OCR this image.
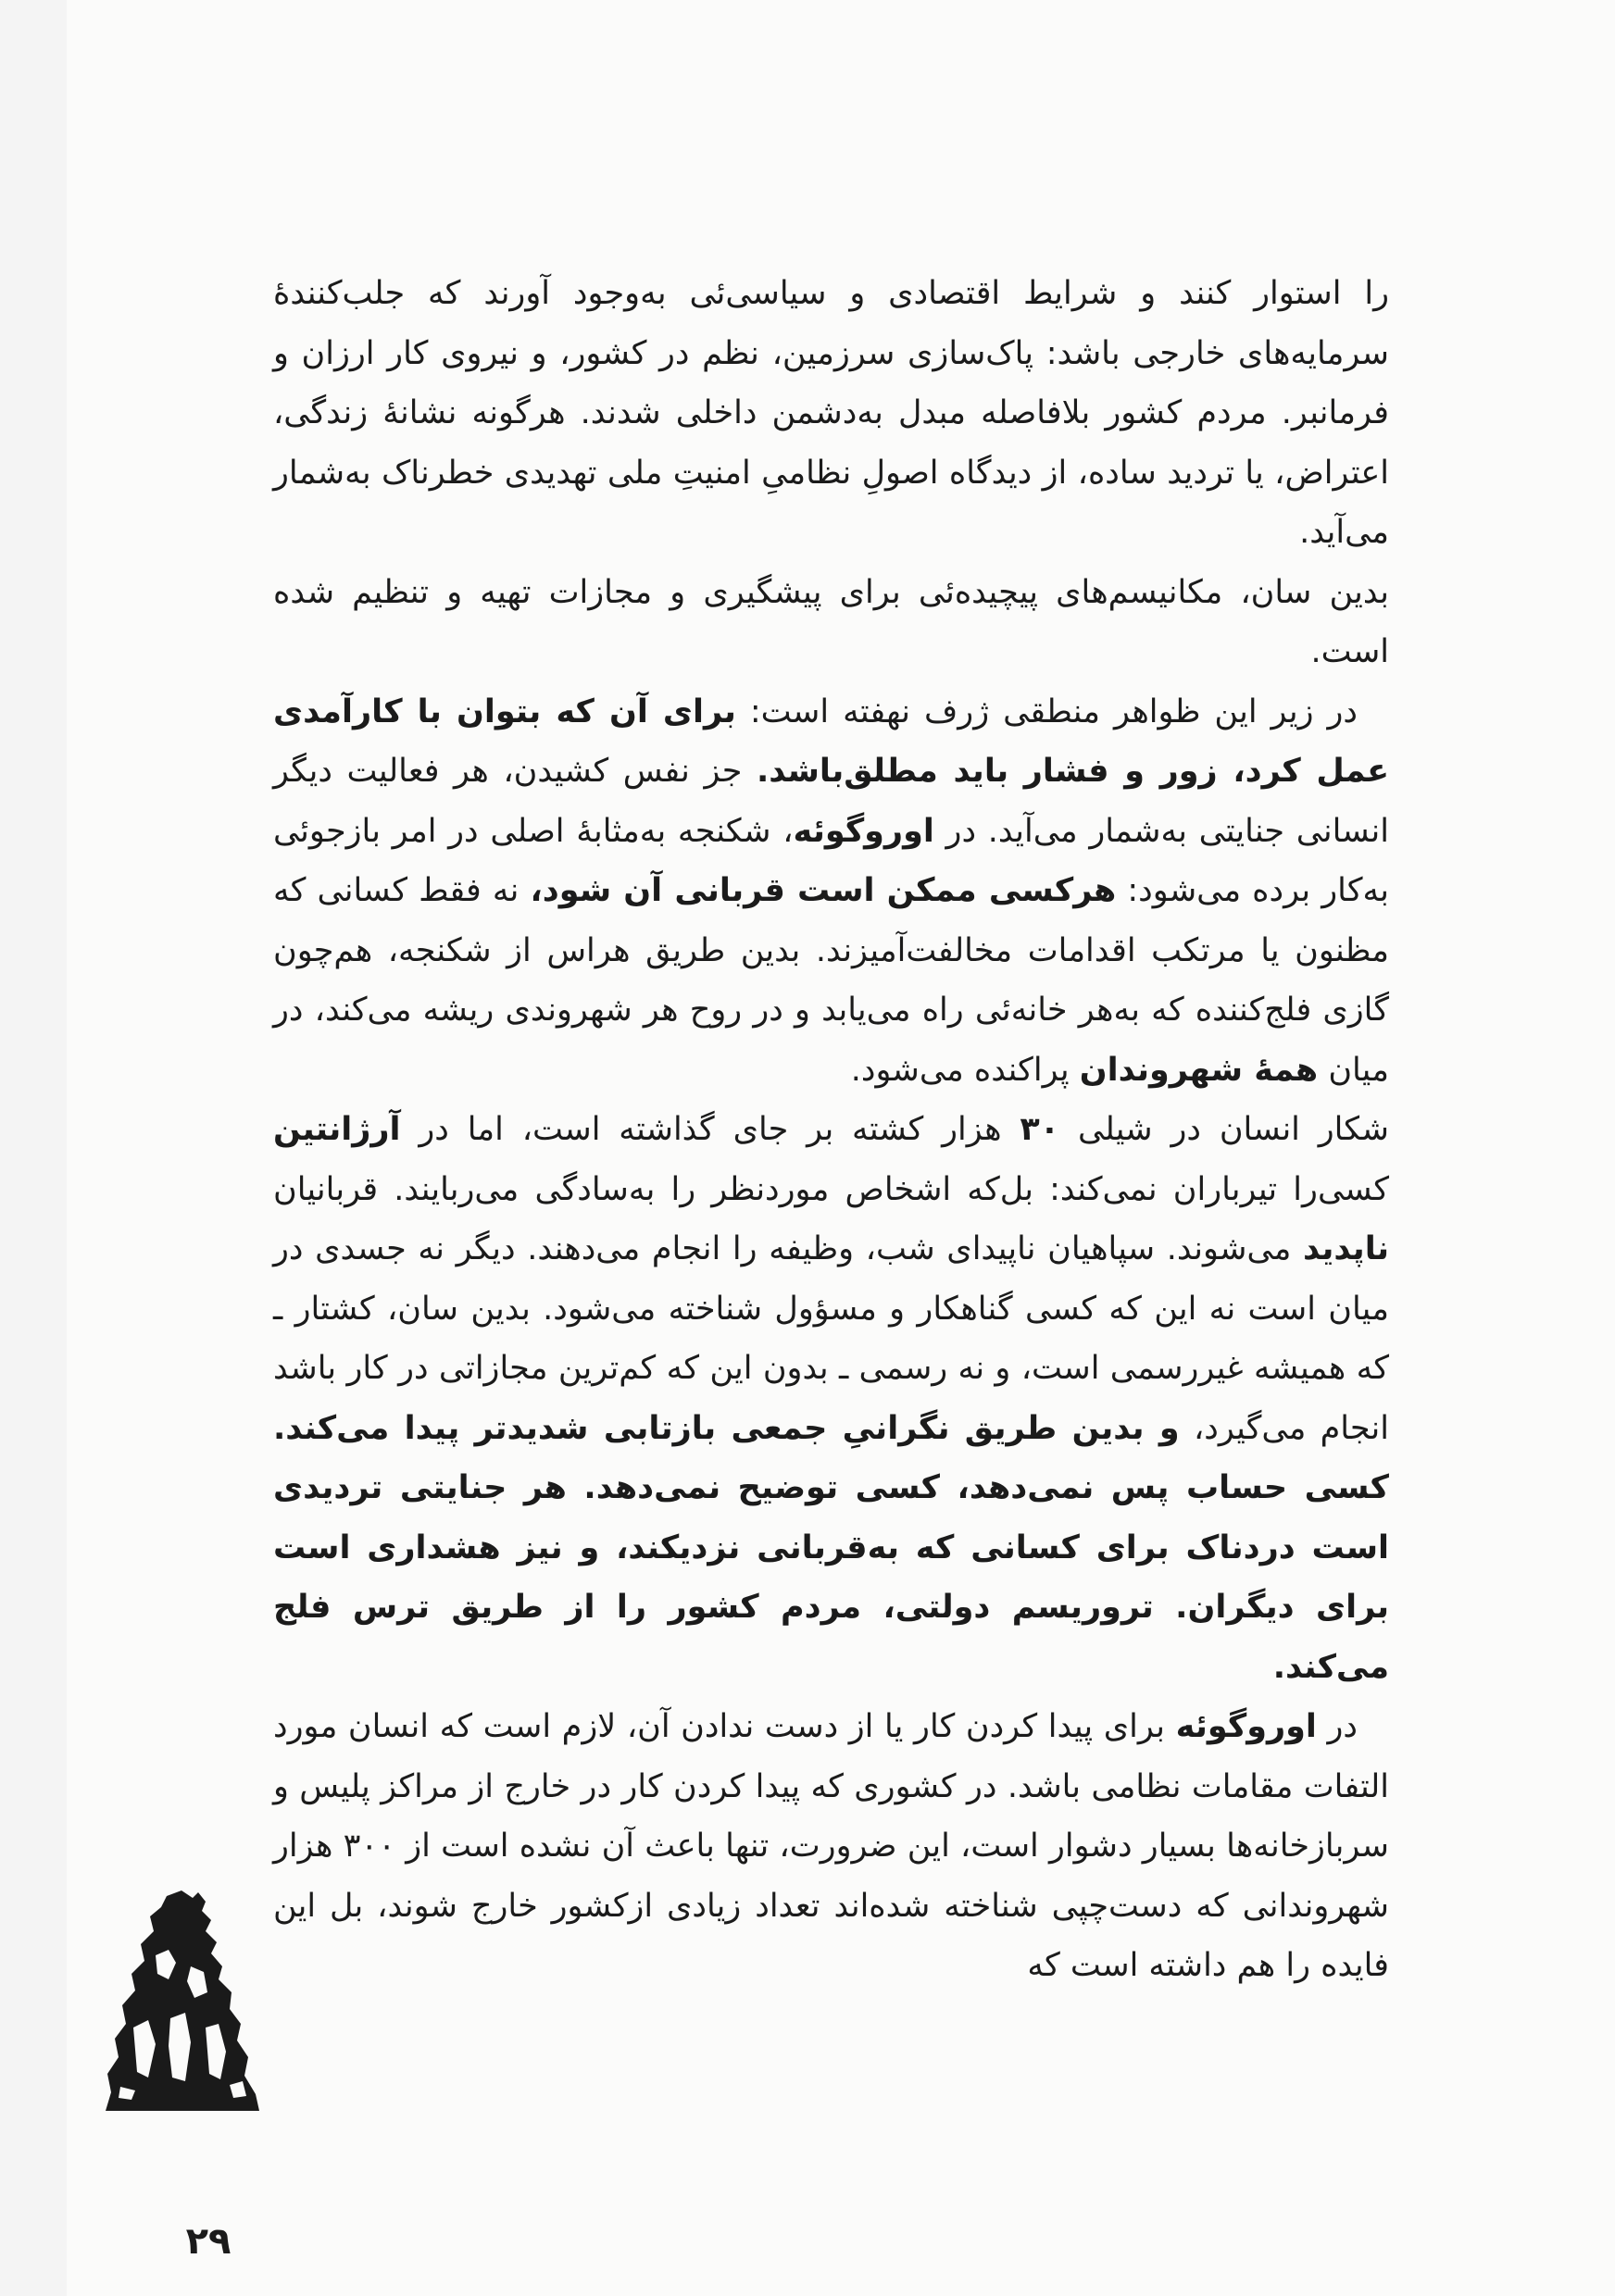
را استوار کنند و شرایط اقتصادی و سیاسی‌ئی به‌وجود آورند که جلب‌کنندهٔ سرمایه‌های خارجی باشد: پاک‌سازی سرزمین، نظم در کشور، و نیروی کار ارزان و فرمانبر. مردم کشور بلافاصله مبدل به‌دشمن داخلی شدند. هرگونه نشانهٔ زندگی، اعتراض، یا تردید ساده، از دیدگاه اصولِ نظامیِ امنیتِ ملی تهدیدی خطرناک به‌شمار می‌آید.

بدین سان، مکانیسم‌های پیچیده‌ئی برای پیشگیری و مجازات تهیه و تنظیم شده است.

در زیر این ظواهر منطقی ژرف نهفته است: برای آن که بتوان با کارآمدی عمل کرد، زور و فشار باید مطلق‌باشد. جز نفس کشیدن، هر فعالیت دیگر انسانی جنایتی به‌شمار می‌آید. در اوروگوئه، شکنجه به‌مثابهٔ اصلی در امر بازجوئی به‌کار برده می‌شود: هرکسی ممکن است قربانی آن شود، نه فقط کسانی که مظنون یا مرتکب اقدامات مخالفت‌آمیزند. بدین طریق هراس از شکنجه، هم‌چون گازی فلج‌کننده که به‌هر خانه‌ئی راه می‌یابد و در روح هر شهروندی ریشه می‌کند، در میان همهٔ شهروندان پراکنده می‌شود.

شکار انسان در شیلی ۳۰ هزار کشته بر جای گذاشته است، اما در آرژانتین کسی‌را تیرباران نمی‌کند: بل‌که اشخاص موردنظر را به‌سادگی می‌ربایند. قربانیان ناپدید می‌شوند. سپاهیان ناپیدای شب، وظیفه را انجام می‌دهند. دیگر نه جسدی در میان است نه این که کسی گناهکار و مسؤول شناخته می‌شود. بدین سان، کشتار ـ که همیشه غیررسمی است، و نه رسمی ـ بدون این که کم‌ترین مجازاتی در کار باشد انجام می‌گیرد، و بدین طریق نگرانیِ جمعی بازتابی شدیدتر پیدا می‌کند. کسی حساب پس نمی‌دهد، کسی توضیح نمی‌دهد. هر جنایتی تردیدی است دردناک برای کسانی که به‌قربانی نزدیکند، و نیز هشداری است برای دیگران. تروریسم دولتی، مردم کشور را از طریق ترس فلج می‌کند.

در اوروگوئه برای پیدا کردن کار یا از دست ندادن آن، لازم است که انسان مورد التفات مقامات نظامی باشد. در کشوری که پیدا کردن کار در خارج از مراکز پلیس و سربازخانه‌ها بسیار دشوار است، این ضرورت، تنها باعث آن نشده است از ۳۰۰ هزار شهروندانی که دست‌چپی شناخته شده‌اند تعداد زیادی ازکشور خارج شوند، بل این فایده را هم داشته است که

۲۹
